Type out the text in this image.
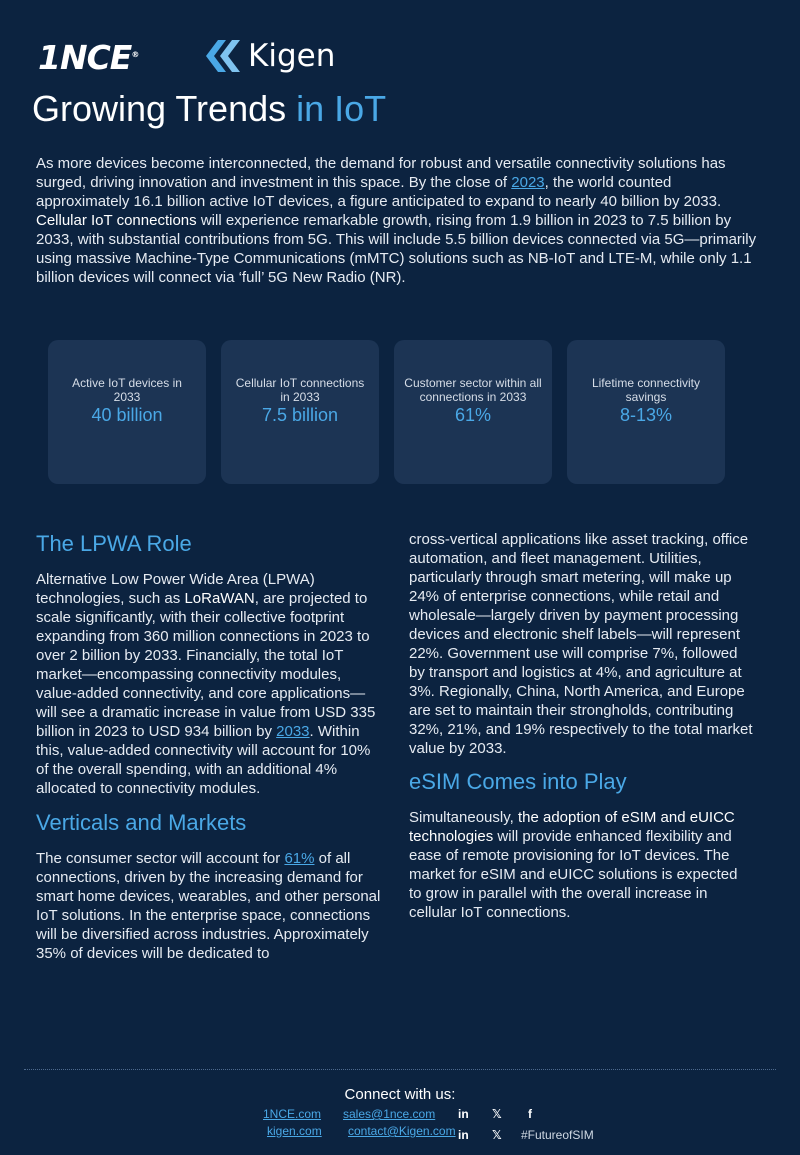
1NCE®	Kigen
Growing Trends in IoT

As more devices become interconnected, the demand for robust and versatile connectivity solutions has surged, driving innovation and investment in this space. By the close of 2023, the world counted approximately 16.1 billion active IoT devices, a figure anticipated to expand to nearly 40 billion by 2033. Cellular IoT connections will experience remarkable growth, rising from 1.9 billion in 2023 to 7.5 billion by 2033, with substantial contributions from 5G. This will include 5.5 billion devices connected via 5G—primarily using massive Machine-Type Communications (mMTC) solutions such as NB-IoT and LTE-M, while only 1.1 billion devices will connect via ‘full’ 5G New Radio (NR).

Active IoT devices in 2033
40 billion
Cellular IoT connections in 2033
7.5 billion
Customer sector within all connections in 2033
61%
Lifetime connectivity savings
8-13%
The LPWA Role

Alternative Low Power Wide Area (LPWA) technologies, such as LoRaWAN, are projected to scale significantly, with their collective footprint expanding from 360 million connections in 2023 to over 2 billion by 2033. Financially, the total IoT market—encompassing connectivity modules, value-added connectivity, and core applications—will see a dramatic increase in value from USD 335 billion in 2023 to USD 934 billion by 2033. Within this, value-added connectivity will account for 10% of the overall spending, with an additional 4% allocated to connectivity modules.

Verticals and Markets

The consumer sector will account for 61% of all connections, driven by the increasing demand for smart home devices, wearables, and other personal IoT solutions. In the enterprise space, connections will be diversified across industries. Approximately 35% of devices will be dedicated to

cross-vertical applications like asset tracking, office automation, and fleet management. Utilities, particularly through smart metering, will make up 24% of enterprise connections, while retail and wholesale—largely driven by payment processing devices and electronic shelf labels—will represent 22%. Government use will comprise 7%, followed by transport and logistics at 4%, and agriculture at 3%. Regionally, China, North America, and Europe are set to maintain their strongholds, contributing 32%, 21%, and 19% respectively to the total market value by 2033.

eSIM Comes into Play

Simultaneously, the adoption of eSIM and eUICC technologies will provide enhanced flexibility and ease of remote provisioning for IoT devices. The market for eSIM and eUICC solutions is expected to grow in parallel with the overall increase in cellular IoT connections.

Connect with us:
1NCE.com sales@1nce.com in 𝕏 f
kigen.com contact@Kigen.com in 𝕏 #FutureofSIM
